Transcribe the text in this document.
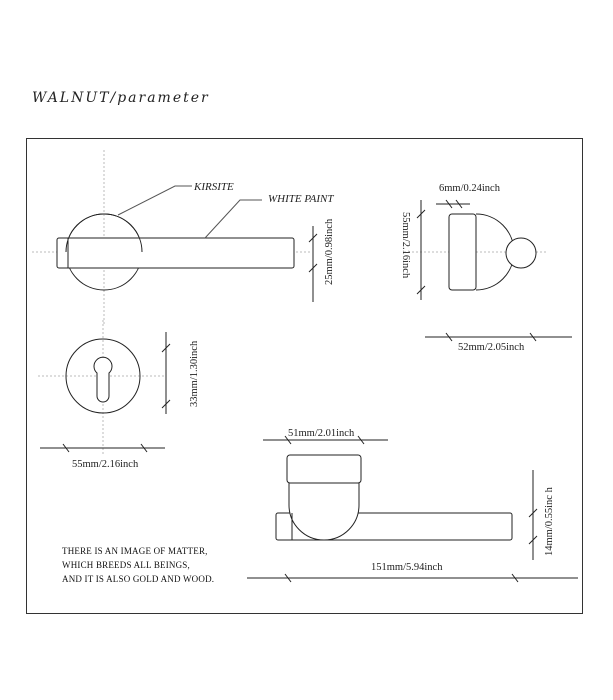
WALNUT/parameter
KIRSITE
WHITE PAINT
25mm/0.98inch
6mm/0.24inch
55mm/2.16inch
52mm/2.05inch
33mm/1.30inch
55mm/2.16inch
51mm/2.01inch
151mm/5.94inch
14mm/0.55inc h
THERE IS AN IMAGE OF MATTER,
WHICH BREEDS ALL BEINGS,
AND IT IS ALSO GOLD AND WOOD.
